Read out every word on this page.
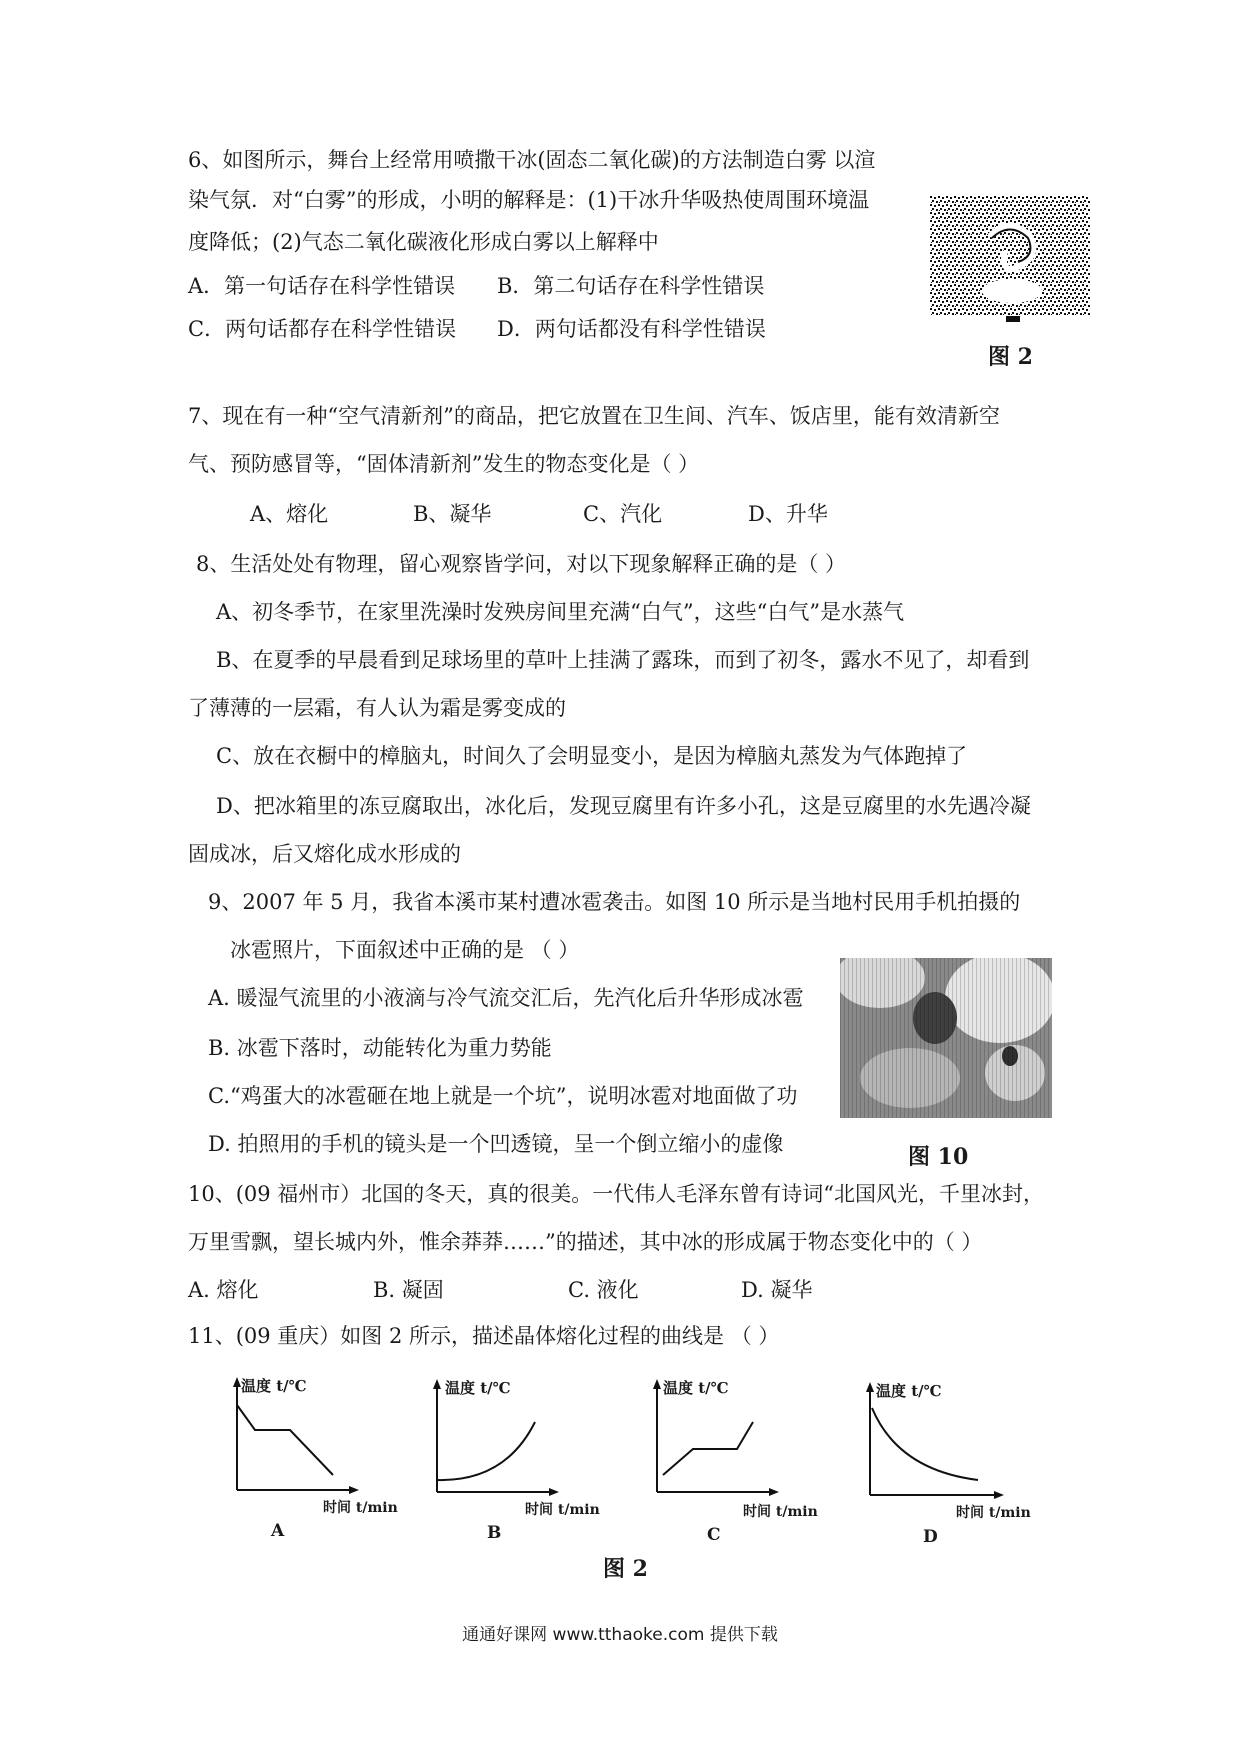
6、如图所示，舞台上经常用喷撒干冰(固态二氧化碳)的方法制造白雾 以渲
染气氛．对“白雾”的形成，小明的解释是：(1)干冰升华吸热使周围环境温
度降低；(2)气态二氧化碳液化形成白雾以上解释中
A．第一句话存在科学性错误 B．第二句话存在科学性错误
C．两句话都存在科学性错误 D．两句话都没有科学性错误
图 2
7、现在有一种“空气清新剂”的商品，把它放置在卫生间、汽车、饭店里，能有效清新空
气、预防感冒等，“固体清新剂”发生的物态变化是（ ）
A、熔化	B、凝华	C、汽化	D、升华
8、生活处处有物理，留心观察皆学问，对以下现象解释正确的是（ ）
A、初冬季节，在家里洗澡时发殃房间里充满“白气”，这些“白气”是水蒸气
B、在夏季的早晨看到足球场里的草叶上挂满了露珠，而到了初冬，露水不见了，却看到
了薄薄的一层霜，有人认为霜是雾变成的
C、放在衣橱中的樟脑丸，时间久了会明显变小，是因为樟脑丸蒸发为气体跑掉了
D、把冰箱里的冻豆腐取出，冰化后，发现豆腐里有许多小孔，这是豆腐里的水先遇冷凝
固成冰，后又熔化成水形成的
9、2007 年 5 月，我省本溪市某村遭冰雹袭击。如图 10 所示是当地村民用手机拍摄的
冰雹照片，下面叙述中正确的是 （ ）
A. 暖湿气流里的小液滴与冷气流交汇后，先汽化后升华形成冰雹
B. 冰雹下落时，动能转化为重力势能
C.“鸡蛋大的冰雹砸在地上就是一个坑”，说明冰雹对地面做了功
D. 拍照用的手机的镜头是一个凹透镜，呈一个倒立缩小的虚像	图 10
10、(09 福州市）北国的冬天，真的很美。一代伟人毛泽东曾有诗词“北国风光，千里冰封，
万里雪飘，望长城内外，惟余莽莽……”的描述，其中冰的形成属于物态变化中的（ ）
A. 熔化	B. 凝固	C. 液化	D. 凝华
11、(09 重庆）如图 2 所示，描述晶体熔化过程的曲线是 （ ）
温度 t/℃
时间 t/min
A
温度 t/℃
时间 t/min
B
温度 t/℃
时间 t/min
C
温度 t/℃
时间 t/min
D
图 2
通通好课网 www.tthaoke.com 提供下载
